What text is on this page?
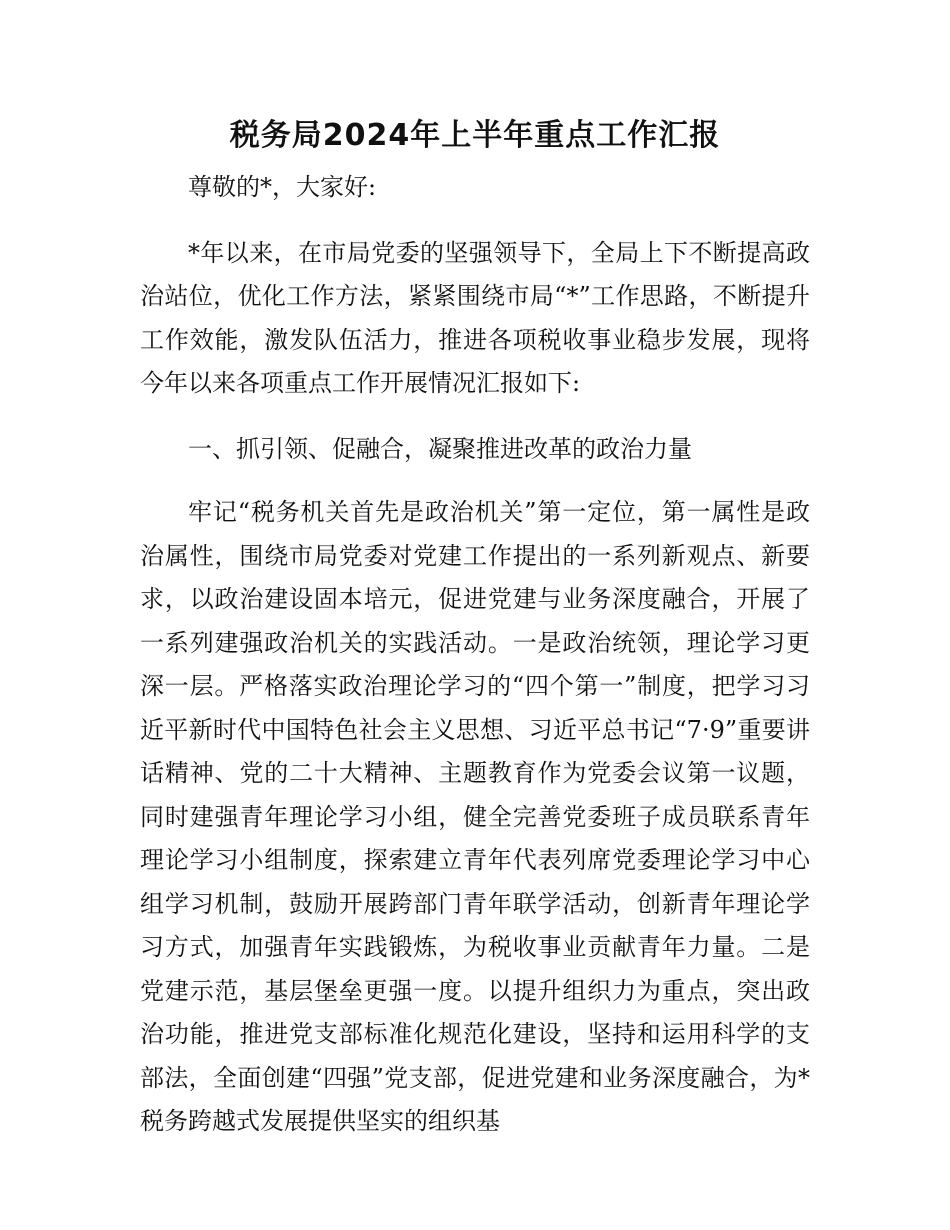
税务局2024年上半年重点工作汇报

尊敬的*，大家好:

*年以来，在市局党委的坚强领导下，全局上下不断提高政治站位，优化工作方法，紧紧围绕市局“*”工作思路，不断提升工作效能，激发队伍活力，推进各项税收事业稳步发展，现将今年以来各项重点工作开展情况汇报如下:

一、抓引领、促融合，凝聚推进改革的政治力量

牢记“税务机关首先是政治机关”第一定位，第一属性是政治属性，围绕市局党委对党建工作提出的一系列新观点、新要求，以政治建设固本培元，促进党建与业务深度融合，开展了一系列建强政治机关的实践活动。一是政治统领，理论学习更深一层。严格落实政治理论学习的“四个第一”制度，把学习习近平新时代中国特色社会主义思想、习近平总书记“7·9”重要讲话精神、党的二十大精神、主题教育作为党委会议第一议题，同时建强青年理论学习小组，健全完善党委班子成员联系青年理论学习小组制度，探索建立青年代表列席党委理论学习中心组学习机制，鼓励开展跨部门青年联学活动，创新青年理论学习方式，加强青年实践锻炼，为税收事业贡献青年力量。二是党建示范，基层堡垒更强一度。以提升组织力为重点，突出政治功能，推进党支部标准化规范化建设，坚持和运用科学的支部法，全面创建“四强”党支部，促进党建和业务深度融合，为*税务跨越式发展提供坚实的组织基
